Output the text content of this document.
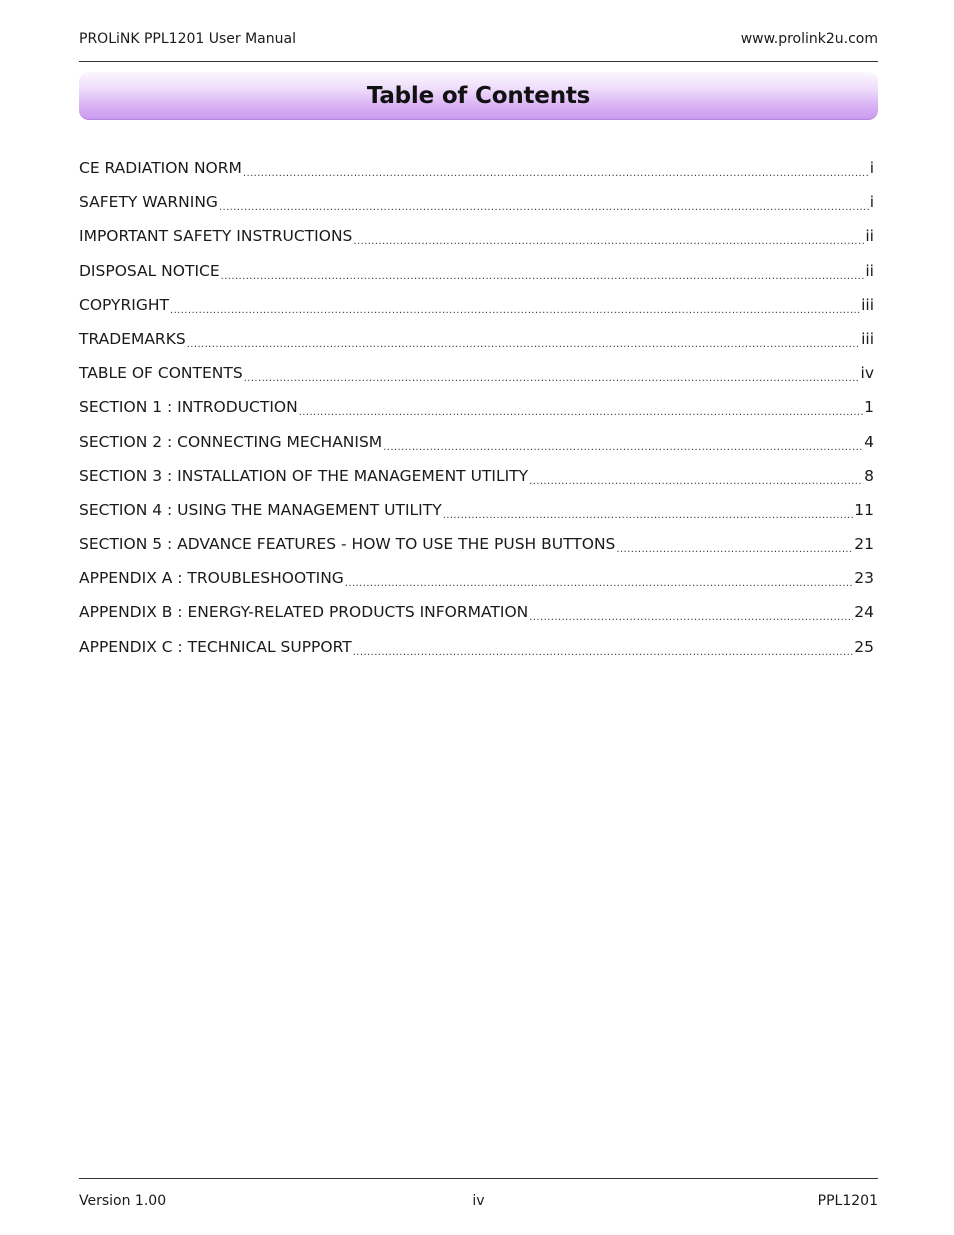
PROLiNK PPL1201 User Manual	www.prolink2u.com
Table of Contents
CE RADIATION NORM .....	i
SAFETY WARNING .....	i
IMPORTANT SAFETY INSTRUCTIONS .....	ii
DISPOSAL NOTICE .....	ii
COPYRIGHT .....	iii
TRADEMARKS .....	iii
TABLE OF CONTENTS .....	iv
SECTION 1 : INTRODUCTION .....	1
SECTION 2 : CONNECTING MECHANISM .....	4
SECTION 3 : INSTALLATION OF THE MANAGEMENT UTILITY .....	8
SECTION 4 : USING THE MANAGEMENT UTILITY .....	11
SECTION 5 : ADVANCE FEATURES - HOW TO USE THE PUSH BUTTONS .....	21
APPENDIX A : TROUBLESHOOTING .....	23
APPENDIX B : ENERGY-RELATED PRODUCTS INFORMATION .....	24
APPENDIX C : TECHNICAL SUPPORT .....	25
Version 1.00	iv	PPL1201
